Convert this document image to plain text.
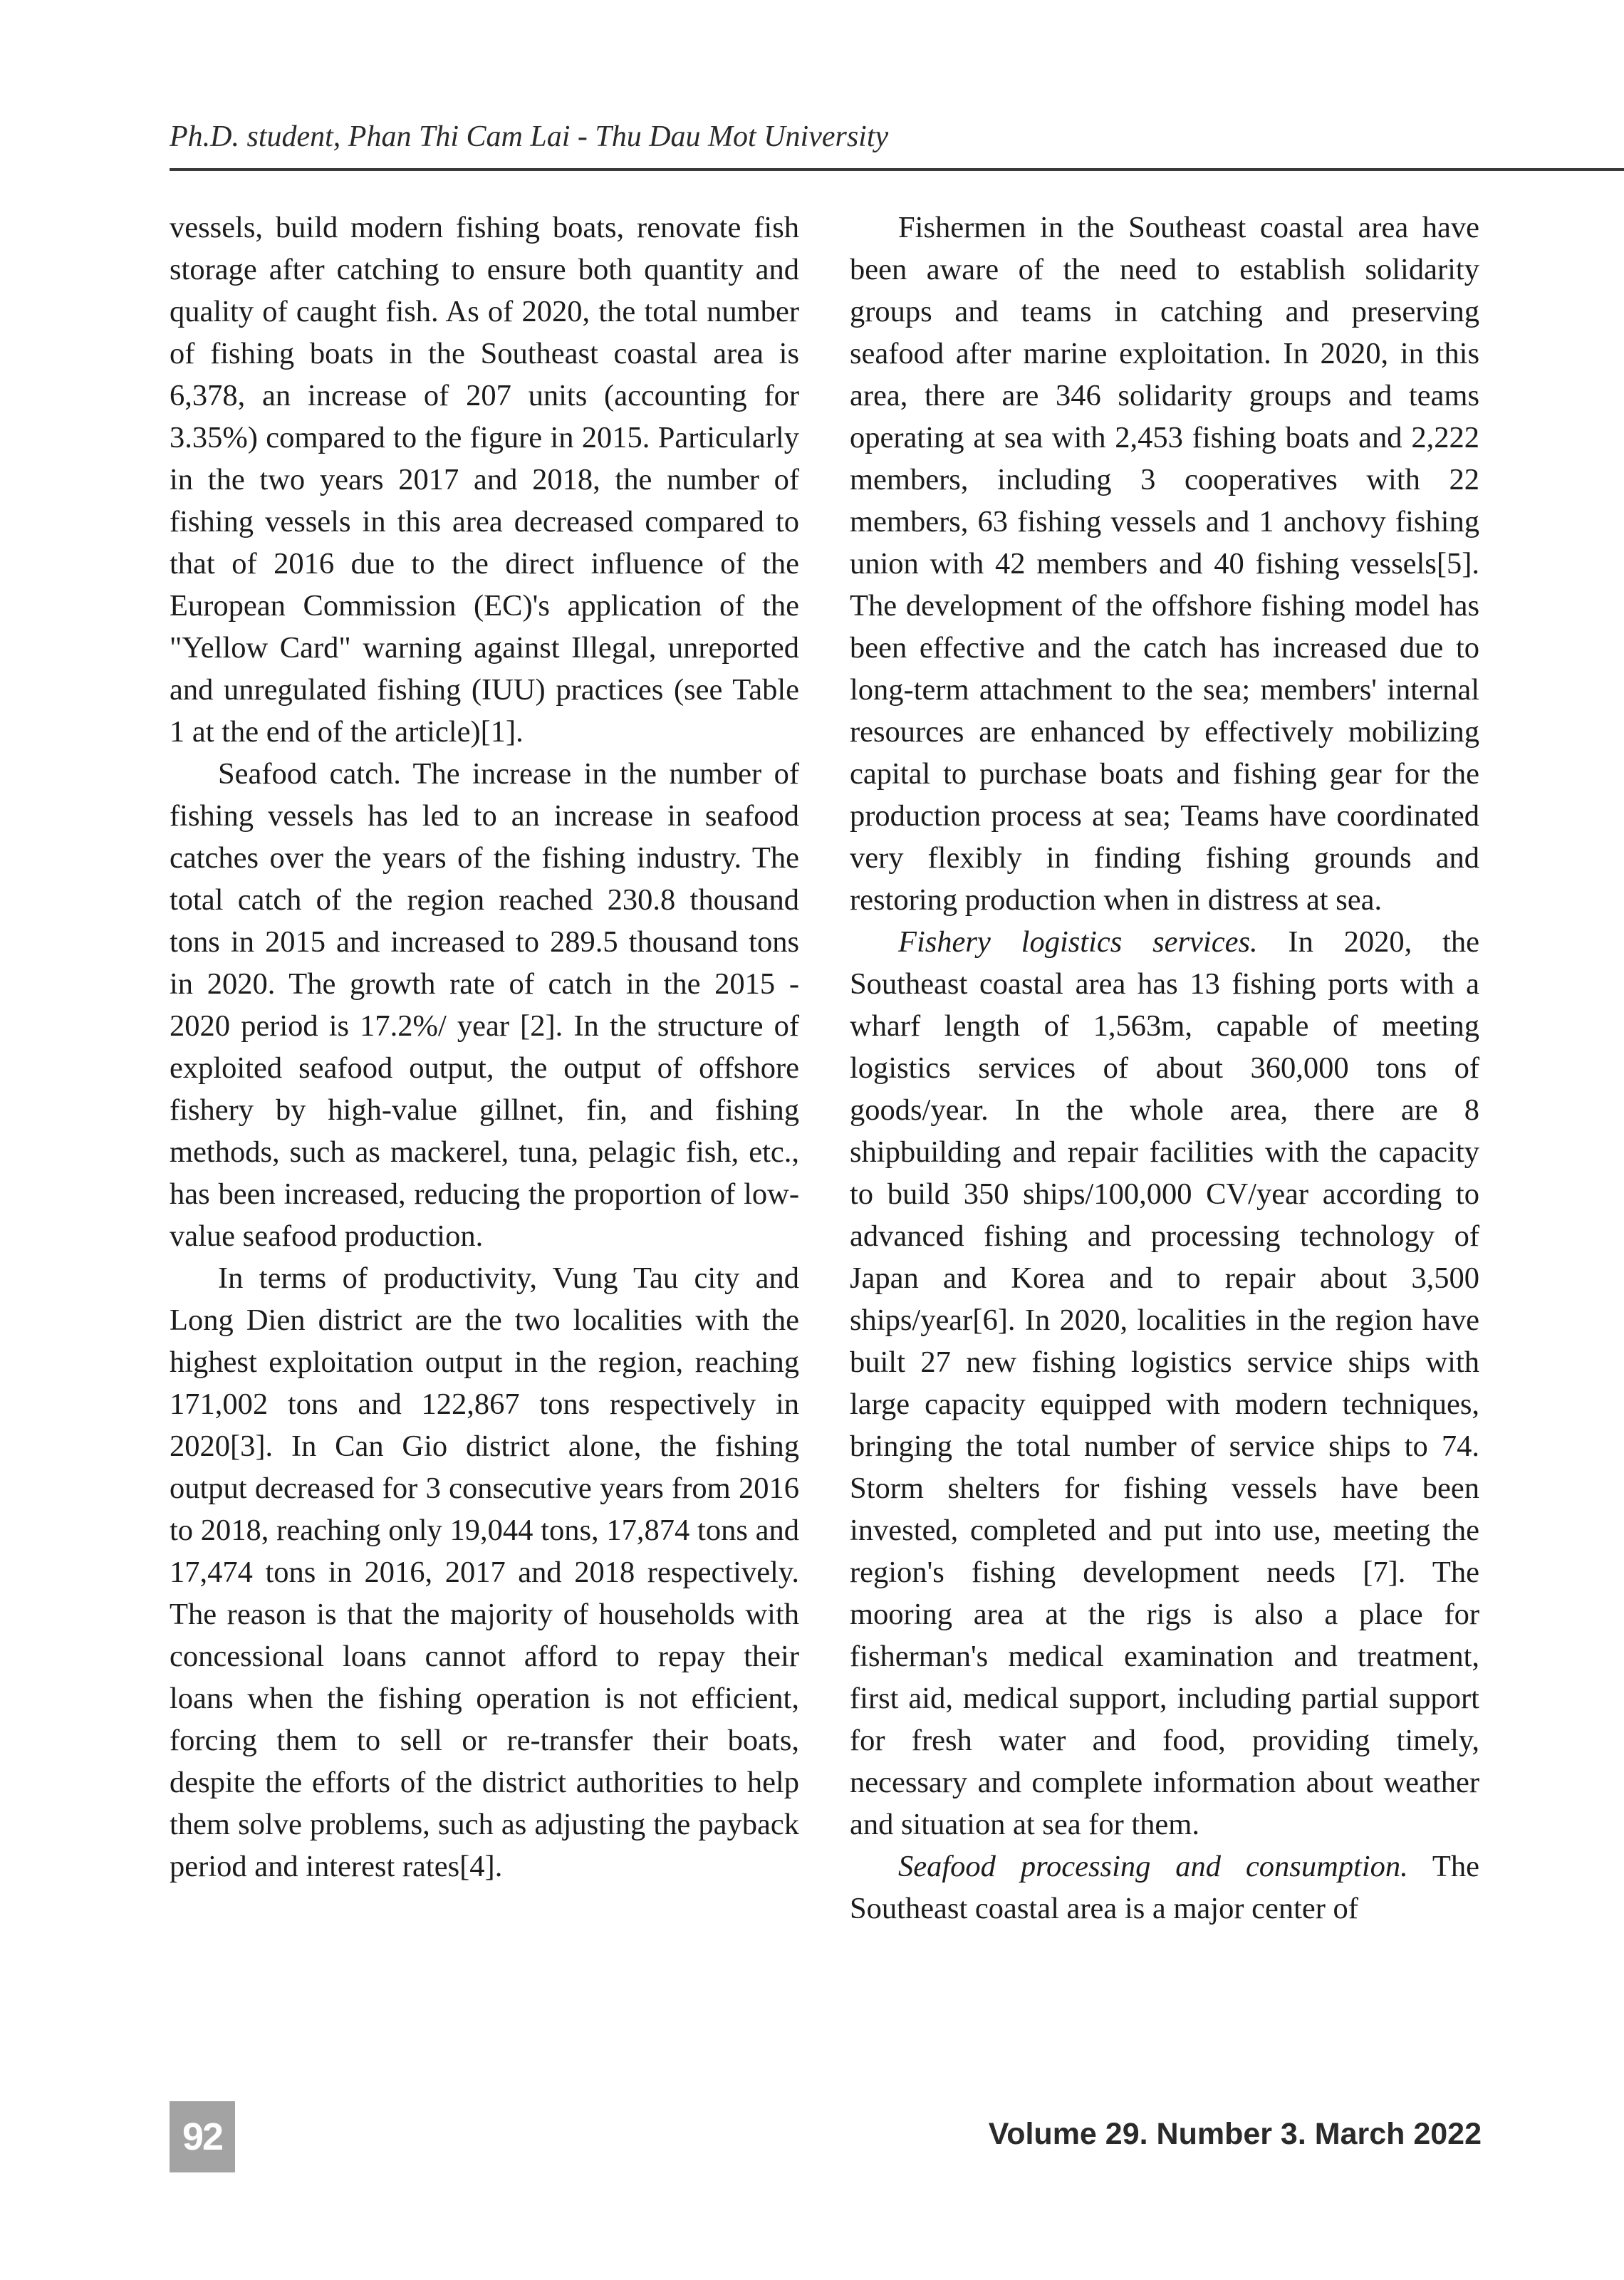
Ph.D. student, Phan Thi Cam Lai - Thu Dau Mot University

vessels, build modern fishing boats, renovate fish storage after catching to ensure both quantity and quality of caught fish. As of 2020, the total number of fishing boats in the Southeast coastal area is 6,378, an increase of 207 units (accounting for 3.35%) compared to the figure in 2015. Particularly in the two years 2017 and 2018, the number of fishing vessels in this area decreased compared to that of 2016 due to the direct influence of the European Commission (EC)'s application of the "Yellow Card" warning against Illegal, unreported and unregulated fishing (IUU) practices (see Table 1 at the end of the article)[1].

Seafood catch. The increase in the number of fishing vessels has led to an increase in seafood catches over the years of the fishing industry. The total catch of the region reached 230.8 thousand tons in 2015 and increased to 289.5 thousand tons in 2020. The growth rate of catch in the 2015 - 2020 period is 17.2%/ year [2]. In the structure of exploited seafood output, the output of offshore fishery by high-value gillnet, fin, and fishing methods, such as mackerel, tuna, pelagic fish, etc., has been increased, reducing the proportion of low-value seafood production.

In terms of productivity, Vung Tau city and Long Dien district are the two localities with the highest exploitation output in the region, reaching 171,002 tons and 122,867 tons respectively in 2020[3]. In Can Gio district alone, the fishing output decreased for 3 consecutive years from 2016 to 2018, reaching only 19,044 tons, 17,874 tons and 17,474 tons in 2016, 2017 and 2018 respectively. The reason is that the majority of households with concessional loans cannot afford to repay their loans when the fishing operation is not efficient, forcing them to sell or re-transfer their boats, despite the efforts of the district authorities to help them solve problems, such as adjusting the payback period and interest rates[4].

Fishermen in the Southeast coastal area have been aware of the need to establish solidarity groups and teams in catching and preserving seafood after marine exploitation. In 2020, in this area, there are 346 solidarity groups and teams operating at sea with 2,453 fishing boats and 2,222 members, including 3 cooperatives with 22 members, 63 fishing vessels and 1 anchovy fishing union with 42 members and 40 fishing vessels[5]. The development of the offshore fishing model has been effective and the catch has increased due to long-term attachment to the sea; members' internal resources are enhanced by effectively mobilizing capital to purchase boats and fishing gear for the production process at sea; Teams have coordinated very flexibly in finding fishing grounds and restoring production when in distress at sea.

Fishery logistics services. In 2020, the Southeast coastal area has 13 fishing ports with a wharf length of 1,563m, capable of meeting logistics services of about 360,000 tons of goods/year. In the whole area, there are 8 shipbuilding and repair facilities with the capacity to build 350 ships/100,000 CV/year according to advanced fishing and processing technology of Japan and Korea and to repair about 3,500 ships/year[6]. In 2020, localities in the region have built 27 new fishing logistics service ships with large capacity equipped with modern techniques, bringing the total number of service ships to 74. Storm shelters for fishing vessels have been invested, completed and put into use, meeting the region's fishing development needs [7]. The mooring area at the rigs is also a place for fisherman's medical examination and treatment, first aid, medical support, including partial support for fresh water and food, providing timely, necessary and complete information about weather and situation at sea for them.

Seafood processing and consumption. The Southeast coastal area is a major center of

92	Volume 29. Number 3. March 2022
